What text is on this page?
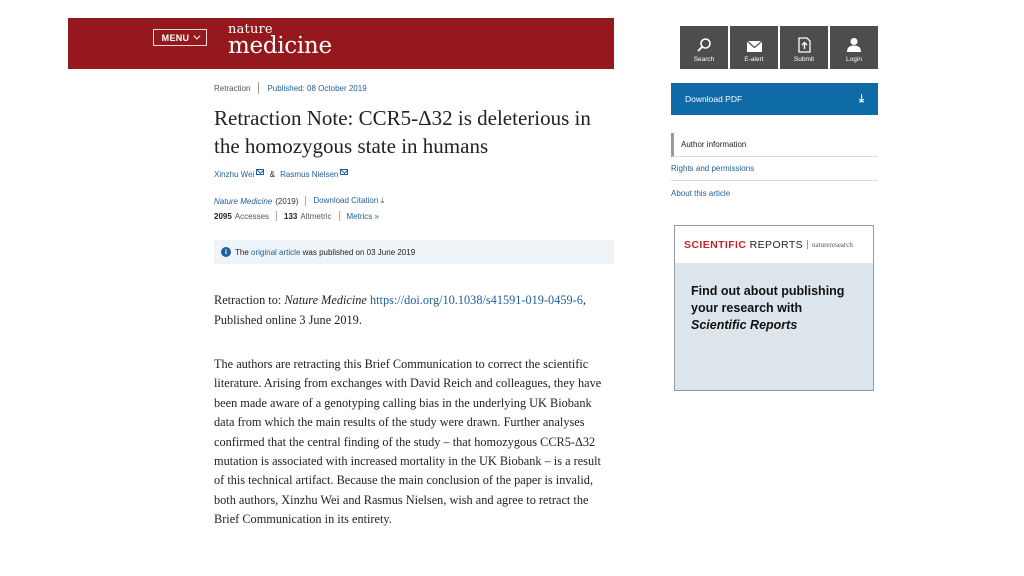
MENU
nature
medicine
Retraction Published: 08 October 2019
Retraction Note: CCR5-Δ32 is deleterious in the homozygous state in humans
Xinzhu Wei & Rasmus Nielsen
Nature Medicine (2019) Download Citation ⤓
2095 Accesses 133 Altmetric Metrics »
i	The
original article
was published on 03 June 2019

Retraction to: Nature Medicine https://doi.org/10.1038/s41591-019-0459-6, Published online 3 June 2019.

The authors are retracting this Brief Communication to correct the scientific literature. Arising from exchanges with David Reich and colleagues, they have been made aware of a genotyping calling bias in the underlying UK Biobank data from which the main results of the study were drawn. Further analyses confirmed that the central finding of the study – that homozygous CCR5-Δ32 mutation is associated with increased mortality in the UK Biobank – is a result of this technical artifact. Because the main conclusion of the paper is invalid, both authors, Xinzhu Wei and Rasmus Nielsen, wish and agree to retract the Brief Communication in its entirety.

Search	E-alert	Submit	Login
Download PDF	⤓
Author information
Rights and permissions
About this article
SCIENTIFIC REPORTS natureresearch
Find out about publishing
your research with
Scientific Reports
